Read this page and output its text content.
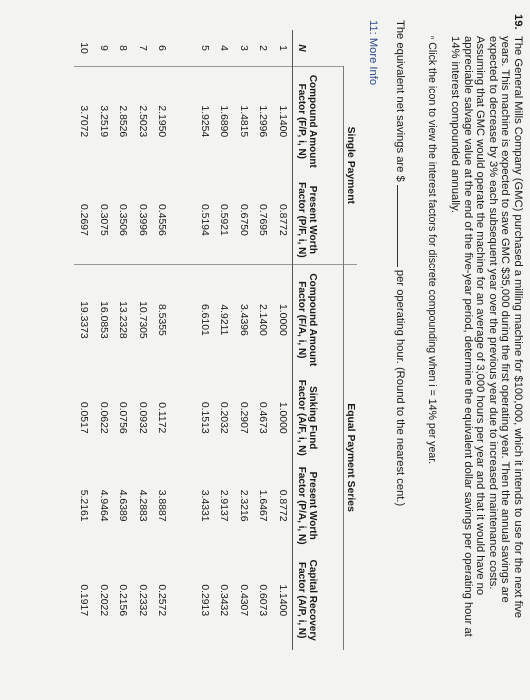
19.
The General Mills Company (GMC) purchased a milling machine for $100,000, which it intends to use for the next five
years. This machine is expected to save GMC $35,000 during the first operating year. Then the annual savings are
expected to decrease by 3% each subsequent year over the previous year due to increased maintenance costs.
Assuming that GMC would operate the machine for an average of 3,000 hours per year and that it would have no
appreciable salvage value at the end of the five-year period, determine the equivalent dollar savings per operating hour at
14% interest compounded annually.
$^{^n}$ Click the icon to view the interest factors for discrete compounding when i = 14% per year.
The equivalent net savings are $  per operating hour. (Round to the nearest cent.)
11: More Info
	Single Payment		Equal Payment Series			
N	Compound Amount Factor (F/P, i, N)	Present Worth Factor (P/F, i, N)	Compound Amount Factor (F/A, i, N)	Sinking Fund Factor (A/F, i, N)	Present Worth Factor (P/A, i, N)	Capital Recovery Factor (A/P, i, N)
1	1.1400	0.8772	1.0000	1.0000	0.8772	1.1400
2	1.2996	0.7695	2.1400	0.4673	1.6467	0.6073
3	1.4815	0.6750	3.4396	0.2907	2.3216	0.4307
4	1.6890	0.5921	4.9211	0.2032	2.9137	0.3432
5	1.9254	0.5194	6.6101	0.1513	3.4331	0.2913

6	2.1950	0.4556	8.5355	0.1172	3.8887	0.2572
7	2.5023	0.3996	10.7305	0.0932	4.2883	0.2332
8	2.8526	0.3506	13.2328	0.0756	4.6389	0.2156
9	3.2519	0.3075	16.0853	0.0622	4.9464	0.2022
10	3.7072	0.2697	19.3373	0.0517	5.2161	0.1917
